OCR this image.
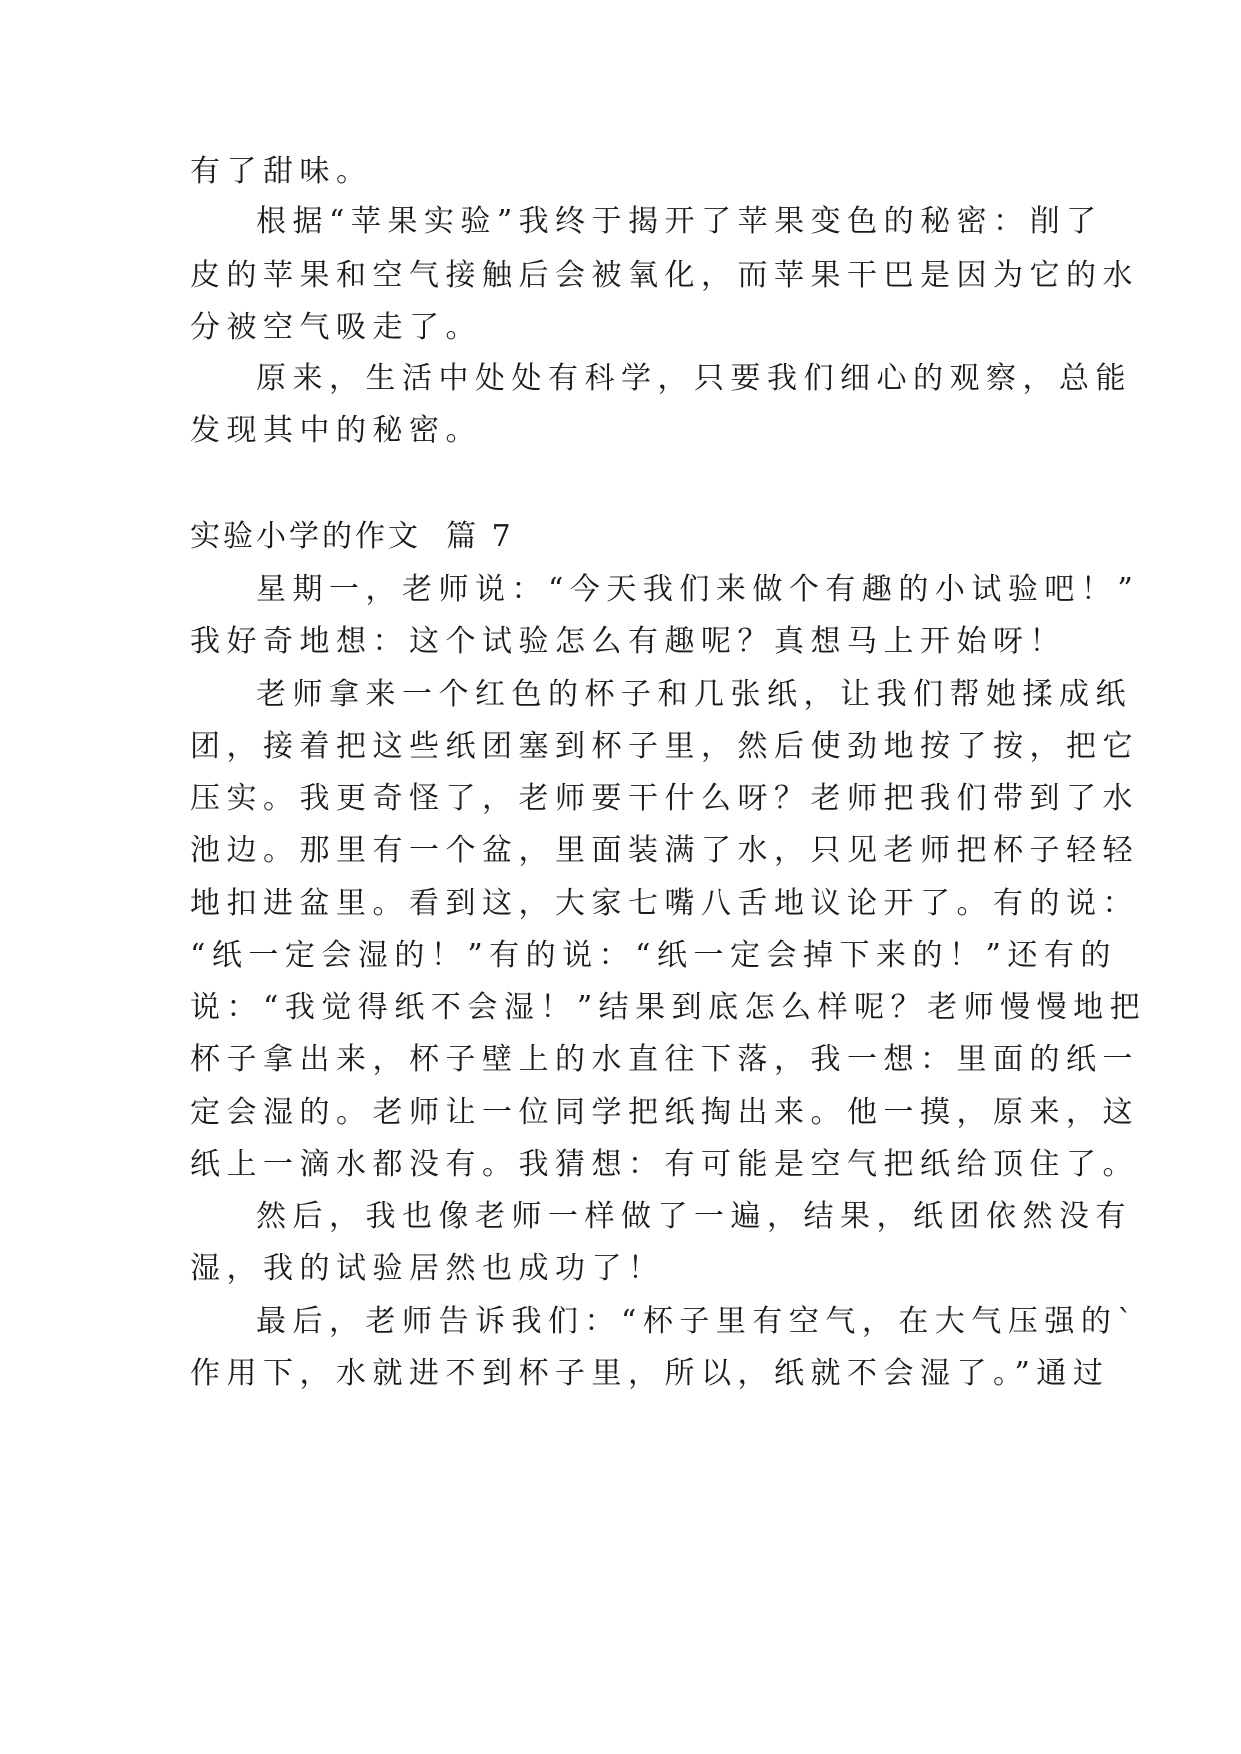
有了甜味。
根据“苹果实验”我终于揭开了苹果变色的秘密：削了
皮的苹果和空气接触后会被氧化，而苹果干巴是因为它的水
分被空气吸走了。
原来，生活中处处有科学，只要我们细心的观察，总能
发现其中的秘密。
实验小学的作文 篇 7
星期一，老师说：“今天我们来做个有趣的小试验吧！”
我好奇地想：这个试验怎么有趣呢？真想马上开始呀！
老师拿来一个红色的杯子和几张纸，让我们帮她揉成纸
团，接着把这些纸团塞到杯子里，然后使劲地按了按，把它
压实。我更奇怪了，老师要干什么呀？老师把我们带到了水
池边。那里有一个盆，里面装满了水，只见老师把杯子轻轻
地扣进盆里。看到这，大家七嘴八舌地议论开了。有的说：
“纸一定会湿的！”有的说：“纸一定会掉下来的！”还有的
说：“我觉得纸不会湿！”结果到底怎么样呢？老师慢慢地把
杯子拿出来，杯子壁上的水直往下落，我一想：里面的纸一
定会湿的。老师让一位同学把纸掏出来。他一摸，原来，这
纸上一滴水都没有。我猜想：有可能是空气把纸给顶住了。
然后，我也像老师一样做了一遍，结果，纸团依然没有
湿，我的试验居然也成功了！
最后，老师告诉我们：“杯子里有空气，在大气压强的`
作用下，水就进不到杯子里，所以，纸就不会湿了。”通过
